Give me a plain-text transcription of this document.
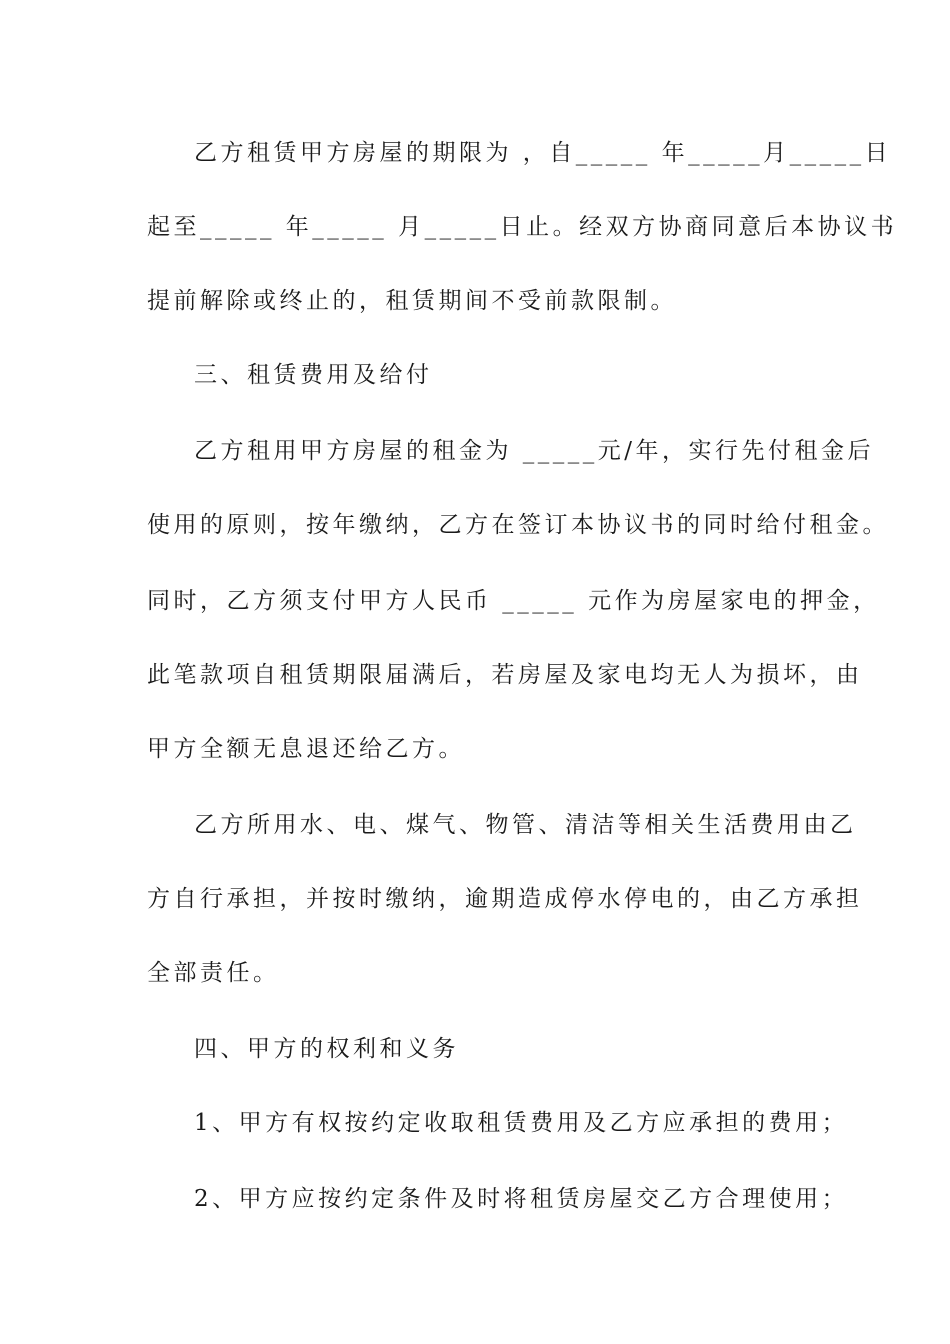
乙方租赁甲方房屋的期限为 ，自_____ 年_____月_____日
起至_____ 年_____ 月_____日止。经双方协商同意后本协议书
提前解除或终止的，租赁期间不受前款限制。
三、租赁费用及给付
乙方租用甲方房屋的租金为 _____元/年，实行先付租金后
使用的原则，按年缴纳，乙方在签订本协议书的同时给付租金。
同时，乙方须支付甲方人民币 _____ 元作为房屋家电的押金，
此笔款项自租赁期限届满后，若房屋及家电均无人为损坏，由
甲方全额无息退还给乙方。
乙方所用水、电、煤气、物管、清洁等相关生活费用由乙
方自行承担，并按时缴纳，逾期造成停水停电的，由乙方承担
全部责任。
四、甲方的权利和义务
1、甲方有权按约定收取租赁费用及乙方应承担的费用；
2、甲方应按约定条件及时将租赁房屋交乙方合理使用；
